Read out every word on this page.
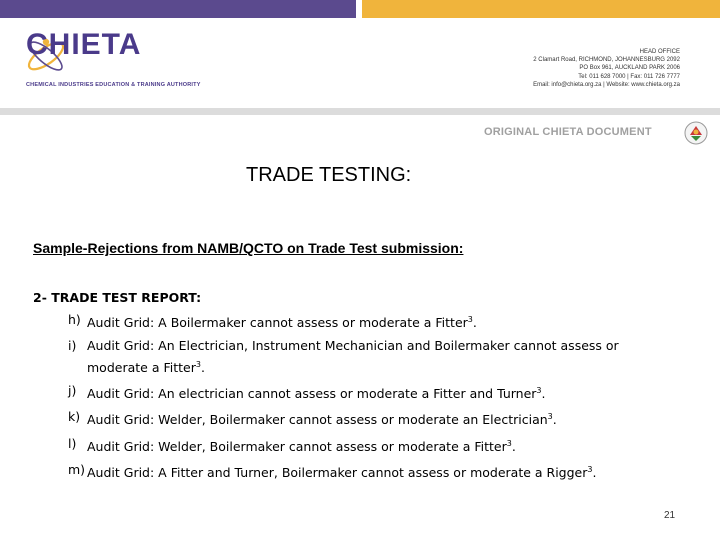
CHIETA
CHEMICAL INDUSTRIES EDUCATION & TRAINING AUTHORITY
HEAD OFFICE
2 Clamart Road, RICHMOND, JOHANNESBURG 2092
PO Box 961, AUCKLAND PARK 2006
Tel: 011 628 7000 | Fax: 011 726 7777
Email: info@chieta.org.za | Website: www.chieta.org.za
ORIGINAL CHIETA DOCUMENT
TRADE TESTING:
Sample-Rejections from NAMB/QCTO on Trade Test submission:
2- TRADE TEST REPORT:
h) Audit Grid: A Boilermaker cannot assess or moderate a Fitter$^3$.
i) Audit Grid: An Electrician, Instrument Mechanician and Boilermaker cannot assess or moderate a Fitter$^3$.
j) Audit Grid: An electrician cannot assess or moderate a Fitter and Turner$^3$.
k) Audit Grid: Welder, Boilermaker cannot assess or moderate an Electrician$^3$.
l) Audit Grid: Welder, Boilermaker cannot assess or moderate a Fitter$^3$.
m) Audit Grid: A Fitter and Turner, Boilermaker cannot assess or moderate a Rigger$^3$.
21
